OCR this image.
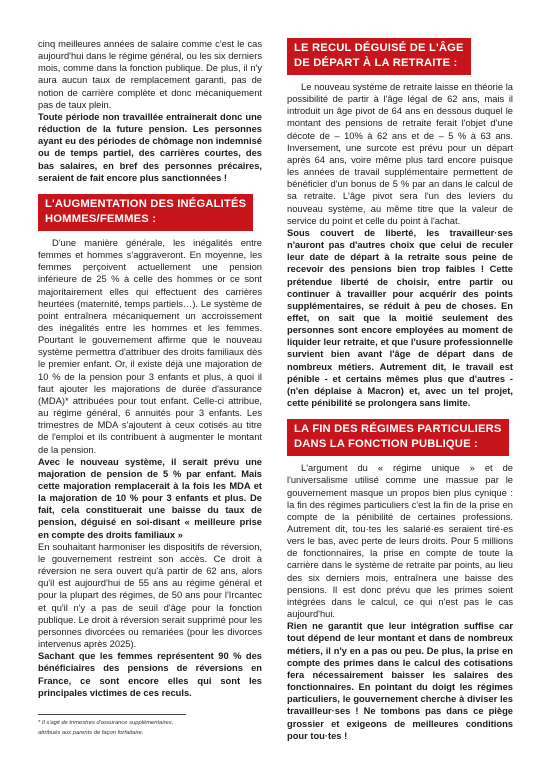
cinq meilleures années de salaire comme c'est le cas aujourd'hui dans le régime général, ou les six derniers mois, comme dans la fonction publique. De plus, il n'y aura aucun taux de remplacement garanti, pas de notion de carrière complète et donc mécaniquement pas de taux plein.

Toute période non travaillée entrainerait donc une réduction de la future pension. Les personnes ayant eu des périodes de chômage non indemnisé ou de temps partiel, des carrières courtes, des bas salaires, en bref des personnes précaires, seraient de fait encore plus sanctionnées !
L'AUGMENTATION DES INÉGALITÉS
HOMMES/FEMMES :

D'une manière générale, les inégalités entre femmes et hommes s'aggraveront. En moyenne, les femmes perçoivent actuellement une pension inférieure de 25 % à celle des hommes or ce sont majoritairement elles qui effectuent des carrières heurtées (maternité, temps partiels…). Le système de point entraînera mécaniquement un accroissement des inégalités entre les hommes et les femmes. Pourtant le gouvernement affirme que le nouveau système permettra d'attribuer des droits familiaux dès le premier enfant. Or, il existe déjà une majoration de 10 % de la pension pour 3 enfants et plus, à quoi il faut ajouter les majorations de durée d'assurance (MDA)* attribuées pour tout enfant. Celle-ci attribue, au régime général, 6 annuités pour 3 enfants. Les trimestres de MDA s'ajoutent à ceux cotisés au titre de l'emploi et ils contribuent à augmenter le montant de la pension.

Avec le nouveau système, il serait prévu une majoration de pension de 5 % par enfant. Mais cette majoration remplacerait à la fois les MDA et la majoration de 10 % pour 3 enfants et plus. De fait, cela constituerait une baisse du taux de pension, déguisé en soi-disant « meilleure prise en compte des droits familiaux »

En souhaitant harmoniser les dispositifs de réversion, le gouvernement restreint son accès. Ce droit à réversion ne sera ouvert qu'à partir de 62 ans, alors qu'il est aujourd'hui de 55 ans au régime général et pour la plupart des régimes, de 50 ans pour l'Ircantec et qu'il n'y a pas de seuil d'âge pour la fonction publique. Le droit à réversion serait supprimé pour les personnes divorcées ou remariées (pour les divorces intervenus après 2025).

Sachant que les femmes représentent 90 % des bénéficiaires des pensions de réversions en France, ce sont encore elles qui sont les principales victimes de ces reculs.
LE RECUL DÉGUISÉ DE L'ÂGE
DE DÉPART À LA RETRAITE :

Le nouveau système de retraite laisse en théorie la possibilité de partir à l'âge légal de 62 ans, mais il introduit un âge pivot de 64 ans en dessous duquel le montant des pensions de retraite ferait l'objet d'une décote de – 10% à 62 ans et de – 5 % à 63 ans. Inversement, une surcote est prévu pour un départ après 64 ans, voire même plus tard encore puisque les années de travail supplémentaire permettent de bénéficier d'un bonus de 5 % par an dans le calcul de sa retraite. L'âge pivot sera l'un des leviers du nouveau système, au même titre que la valeur de service du point et celle du point à l'achat.

Sous couvert de liberté, les travailleur·ses n'auront pas d'autres choix que celui de reculer leur date de départ à la retraite sous peine de recevoir des pensions bien trop faibles ! Cette prétendue liberté de choisir, entre partir ou continuer à travailler pour acquérir des points supplémentaires, se réduit à peu de choses. En effet, on sait que la moitié seulement des personnes sont encore employées au moment de liquider leur retraite, et que l'usure professionnelle survient bien avant l'âge de départ dans de nombreux métiers. Autrement dit, le travail est pénible - et certains mêmes plus que d'autres - (n'en déplaise à Macron) et, avec un tel projet, cette pénibilité se prolongera sans limite.
LA FIN DES RÉGIMES PARTICULIERS
DANS LA FONCTION PUBLIQUE :

L'argument du « régime unique » et de l'universalisme utilisé comme une massue par le gouvernement masque un propos bien plus cynique : la fin des régimes particuliers c'est la fin de la prise en compte de la pénibilité de certaines professions. Autrement dit, tou·tes les salarié·es seraient tiré·es vers le bas, avec perte de leurs droits. Pour 5 millions de fonctionnaires, la prise en compte de toute la carrière dans le système de retraite par points, au lieu des six derniers mois, entraînera une baisse des pensions. Il est donc prévu que les primes soient intégrées dans le calcul, ce qui n'est pas le cas aujourd'hui.

Rien ne garantit que leur intégration suffise car tout dépend de leur montant et dans de nombreux métiers, il n'y en a pas ou peu. De plus, la prise en compte des primes dans le calcul des cotisations fera nécessairement baisser les salaires des fonctionnaires. En pointant du doigt les régimes particuliers, le gouvernement cherche à diviser les travailleur·ses ! Ne tombons pas dans ce piège grossier et exigeons de meilleures conditions pour tou·tes !
* Il s'agit de trimestres d'assurance supplémentaires,
attribués aux parents de façon forfaitaire.
